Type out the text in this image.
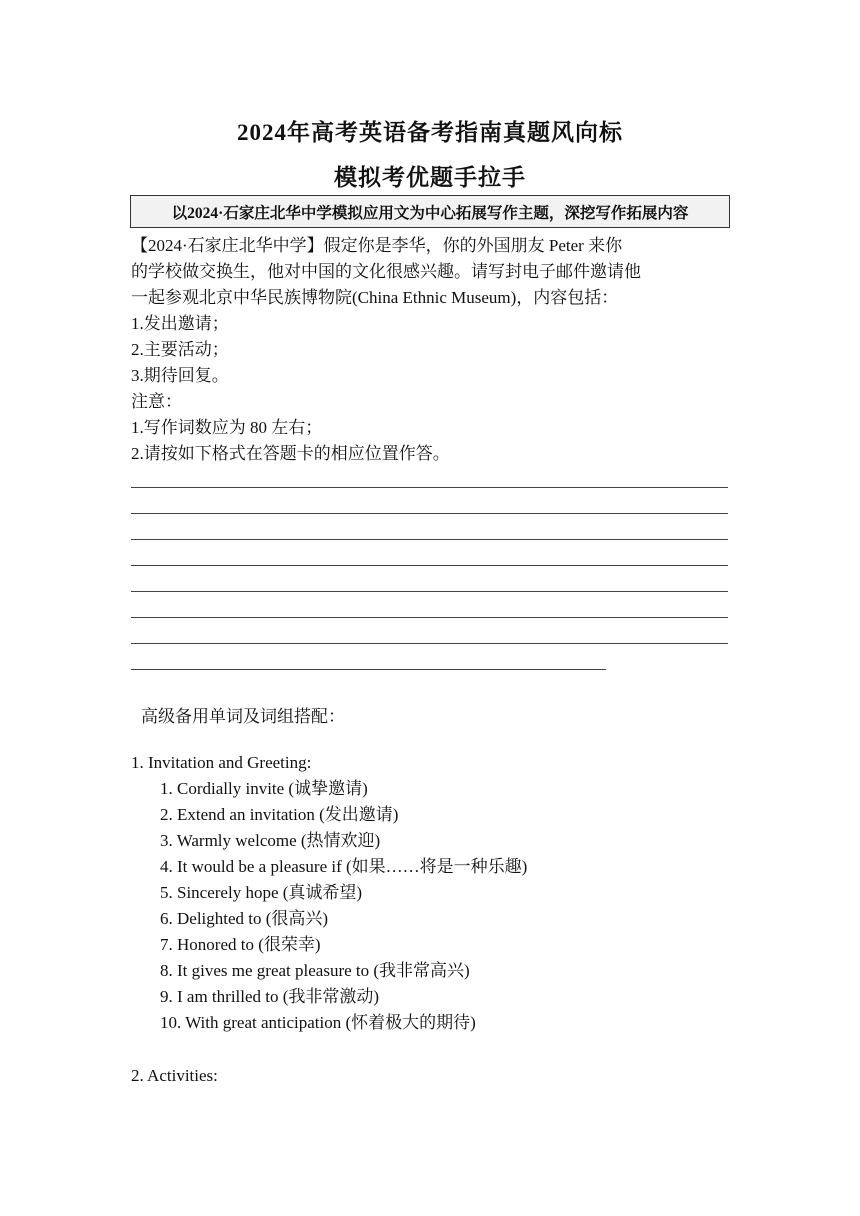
2024年高考英语备考指南真题风向标
模拟考优题手拉手
以2024·石家庄北华中学模拟应用文为中心拓展写作主题，深挖写作拓展内容
【2024·石家庄北华中学】假定你是李华，你的外国朋友 Peter 来你
的学校做交换生，他对中国的文化很感兴趣。请写封电子邮件邀请他
一起参观北京中华民族博物院(China Ethnic Museum)，内容包括：
1.发出邀请；
2.主要活动；
3.期待回复。
注意：
1.写作词数应为 80 左右；
2.请按如下格式在答题卡的相应位置作答。
高级备用单词及词组搭配：
1. Invitation and Greeting:
1. Cordially invite (诚挚邀请)
2. Extend an invitation (发出邀请)
3. Warmly welcome (热情欢迎)
4. It would be a pleasure if (如果……将是一种乐趣)
5. Sincerely hope (真诚希望)
6. Delighted to (很高兴)
7. Honored to (很荣幸)
8. It gives me great pleasure to (我非常高兴)
9. I am thrilled to (我非常激动)
10. With great anticipation (怀着极大的期待)
2. Activities:
